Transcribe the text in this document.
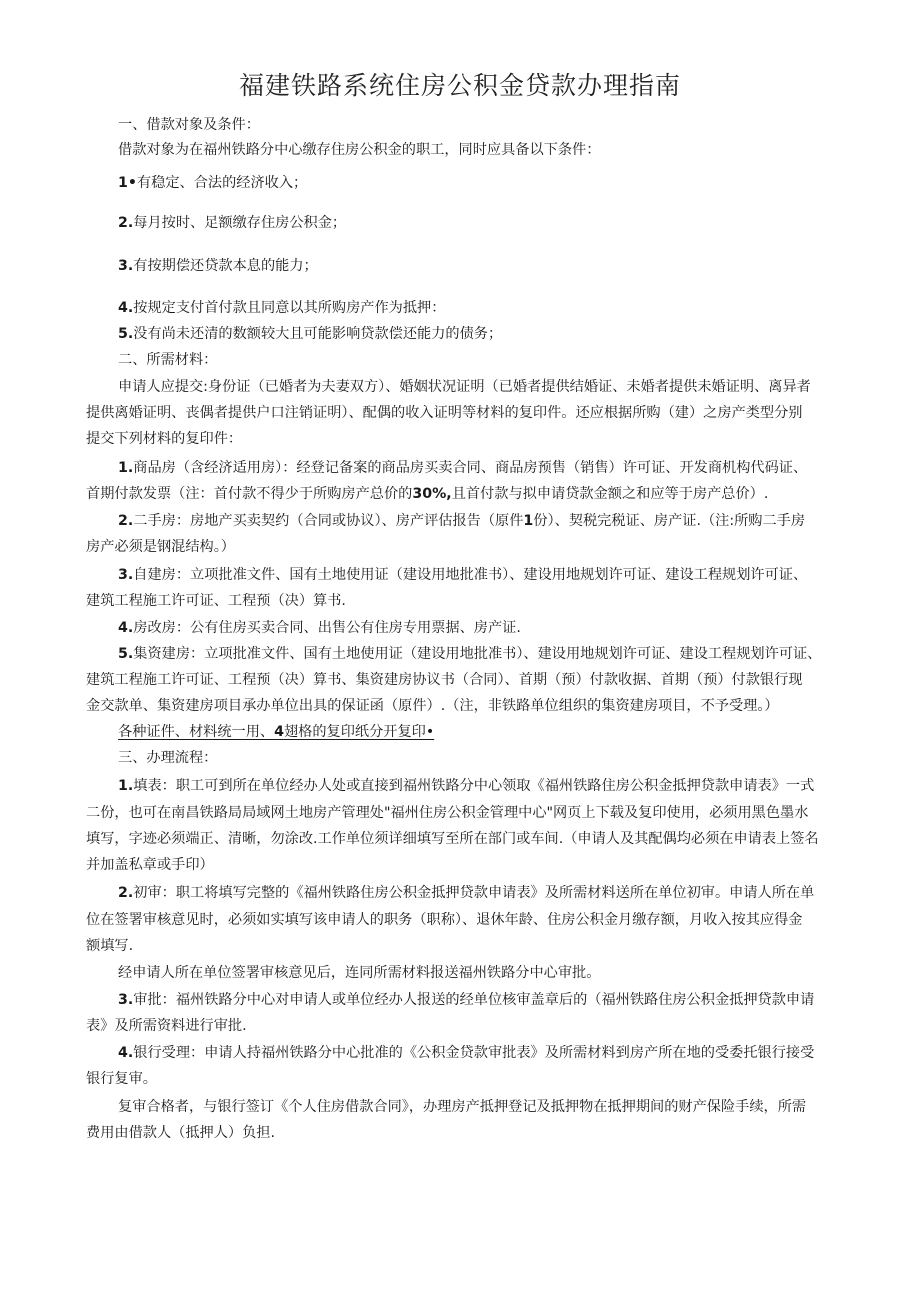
福建铁路系统住房公积金贷款办理指南
一、借款对象及条件：
借款对象为在福州铁路分中心缴存住房公积金的职工，同时应具备以下条件：
1•有稳定、合法的经济收入；
2.每月按时、足额缴存住房公积金；
3.有按期偿还贷款本息的能力；
4.按规定支付首付款且同意以其所购房产作为抵押：
5.没有尚未还清的数额较大且可能影响贷款偿还能力的债务；
二、所需材料：
申请人应提交:身份证（已婚者为夫妻双方）、婚姻状况证明（已婚者提供结婚证、未婚者提供未婚证明、离异者
提供离婚证明、丧偶者提供户口注销证明）、配偶的收入证明等材料的复印件。还应根据所购（建）之房产类型分别
提交下列材料的复印件：
1.商品房（含经济适用房）：经登记备案的商品房买卖合同、商品房预售（销售）许可证、开发商机构代码证、
首期付款发票（注：首付款不得少于所购房产总价的30%,且首付款与拟申请贷款金额之和应等于房产总价）.
2.二手房：房地产买卖契约（合同或协议）、房产评估报告（原件1份）、契税完税证、房产证.（注:所购二手房
房产必须是钢混结构。）
3.自建房：立项批准文件、国有土地使用证（建设用地批准书）、建设用地规划许可证、建设工程规划许可证、
建筑工程施工许可证、工程预（决）算书.
4.房改房：公有住房买卖合同、出售公有住房专用票据、房产证.
5.集资建房：立项批准文件、国有土地使用证（建设用地批准书）、建设用地规划许可证、建设工程规划许可证、
建筑工程施工许可证、工程预（决）算书、集资建房协议书（合同）、首期（预）付款收据、首期（预）付款银行现
金交款单、集资建房项目承办单位出具的保证函（原件）.（注，非铁路单位组织的集资建房项目，不予受理。）
各种证件、材料统一用、4翅格的复印纸分开复印•
三、办理流程：
1.填表：职工可到所在单位经办人处或直接到福州铁路分中心领取《福州铁路住房公积金抵押贷款申请表》一式
二份，也可在南昌铁路局局域网土地房产管理处"福州住房公积金管理中心"网页上下载及复印使用，必须用黑色墨水
填写，字迹必须端正、清晰，勿涂改.工作单位须详细填写至所在部门或车间.（申请人及其配偶均必须在申请表上签名
并加盖私章或手印）
2.初审：职工将填写完整的《福州铁路住房公积金抵押贷款申请表》及所需材料送所在单位初审。申请人所在单
位在签署审核意见时，必须如实填写该申请人的职务（职称）、退休年龄、住房公积金月缴存额，月收入按其应得金
额填写.
经申请人所在单位签署审核意见后，连同所需材料报送福州铁路分中心审批。
3.审批：福州铁路分中心对申请人或单位经办人报送的经单位核审盖章后的（福州铁路住房公积金抵押贷款申请
表》及所需资料进行审批.
4.银行受理：申请人持福州铁路分中心批准的《公积金贷款审批表》及所需材料到房产所在地的受委托银行接受
银行复审。
复审合格者，与银行签订《个人住房借款合同》，办理房产抵押登记及抵押物在抵押期间的财产保险手续，所需
费用由借款人（抵押人）负担.
